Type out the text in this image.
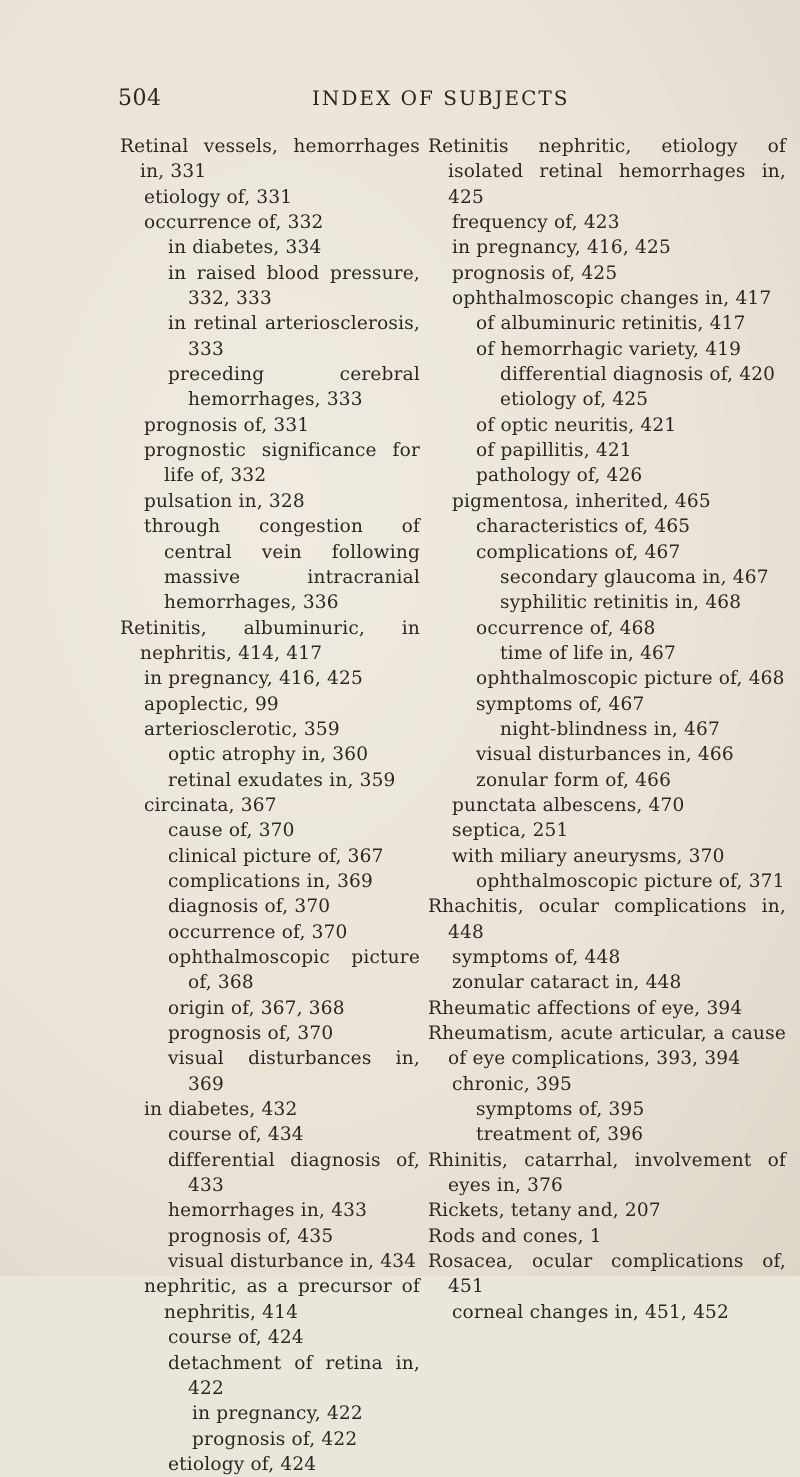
504	INDEX OF SUBJECTS

Retinal vessels, hemorrhages in, 331

etiology of, 331

occurrence of, 332

in diabetes, 334

in raised blood pressure, 332, 333

in retinal arteriosclerosis, 333

preceding cerebral hemorrhages, 333

prognosis of, 331

prognostic significance for life of, 332

pulsation in, 328

through congestion of central vein following massive intracranial hemorrhages, 336

Retinitis, albuminuric, in nephritis, 414, 417

in pregnancy, 416, 425

apoplectic, 99

arteriosclerotic, 359

optic atrophy in, 360

retinal exudates in, 359

circinata, 367

cause of, 370

clinical picture of, 367

complications in, 369

diagnosis of, 370

occurrence of, 370

ophthalmoscopic picture of, 368

origin of, 367, 368

prognosis of, 370

visual disturbances in, 369

in diabetes, 432

course of, 434

differential diagnosis of, 433

hemorrhages in, 433

prognosis of, 435

visual disturbance in, 434

nephritic, as a precursor of nephritis, 414

course of, 424

detachment of retina in, 422

in pregnancy, 422

prognosis of, 422

etiology of, 424

Retinitis nephritic, etiology of isolated retinal hemorrhages in, 425

frequency of, 423

in pregnancy, 416, 425

prognosis of, 425

ophthalmoscopic changes in, 417

of albuminuric retinitis, 417

of hemorrhagic variety, 419

differential diagnosis of, 420

etiology of, 425

of optic neuritis, 421

of papillitis, 421

pathology of, 426

pigmentosa, inherited, 465

characteristics of, 465

complications of, 467

secondary glaucoma in, 467

syphilitic retinitis in, 468

occurrence of, 468

time of life in, 467

ophthalmoscopic picture of, 468

symptoms of, 467

night-blindness in, 467

visual disturbances in, 466

zonular form of, 466

punctata albescens, 470

septica, 251

with miliary aneurysms, 370

ophthalmoscopic picture of, 371

Rhachitis, ocular complications in, 448

symptoms of, 448

zonular cataract in, 448

Rheumatic affections of eye, 394

Rheumatism, acute articular, a cause of eye complications, 393, 394

chronic, 395

symptoms of, 395

treatment of, 396

Rhinitis, catarrhal, involvement of eyes in, 376

Rickets, tetany and, 207

Rods and cones, 1

Rosacea, ocular complications of, 451

corneal changes in, 451, 452
